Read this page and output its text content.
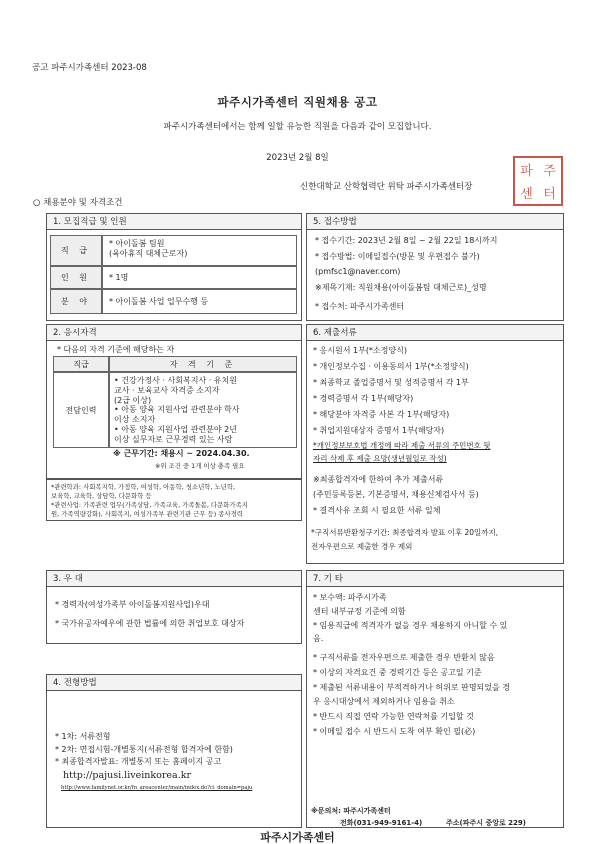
공고 파주시가족센터 2023-08
파주시가족센터 직원채용 공고
파주시가족센터에서는 함께 일할 유능한 직원을 다음과 같이 모집합니다.
2023년 2월 8일
신한대학교 산학협력단 위탁 파주시가족센터장
파 주
센 터
○ 채용분야 및 자격조건
1. 모집직급 및 인원
직 급
* 아이돌봄 팀원
(육아휴직 대체근로자)
인 원	* 1명
분 야	* 아이돌봄 사업 업무수행 등
5. 접수방법
* 접수기간: 2023년 2월 8일 ~ 2월 22일 18시까지
* 접수방법: 이메일접수(방문 및 우편접수 불가)
(pmfsc1@naver.com)
※제목기재: 직원채용(아이돌봄팀 대체근로)_성명
* 접수처: 파주시가족센터
2. 응시자격
* 다음의 자격 기준에 해당하는 자
직급	자 격 기 준
전담인력
• 건강가정사 · 사회복지사 · 유치원
교사 · 보육교사 자격증 소지자
(2급 이상)
• 아동 양육 지원사업 관련분야 학사
이상 소지자
• 아동 양육 지원사업 관련분야 2년
이상 실무자로 근무경력 있는 사람
※ 근무기간: 채용시 ~ 2024.04.30.
※위 조건 중 1개 이상 충족 필요
*관련학과: 사회복지학, 가정학, 여성학, 아동학, 청소년학, 노년학,
보육학, 교육학, 상담학, 다문화학 등
*관련사업: 가족관련 업무(가족상담, 가족교육, 가족돌봄, 다문화가족지
원, 가족역량강화), 사회복지, 여성가족부 관련기관 근무 등) 종사경력
6. 제출서류
* 응시원서 1부(*소정양식)
* 개인정보수집 · 이용동의서 1부(*소정양식)
* 최종학교 졸업증명서 및 성적증명서 각 1부
* 경력증명서 각 1부(해당자)
* 해당분야 자격증 사본 각 1부(해당자)
* 취업지원대상자 증명서 1부(해당자)
*개인정보보호법 개정에 따라 제출 서류의 주민번호 뒷
자리 삭제 후 제출 요망(생년월일로 작성)
※최종합격자에 한하여 추가 제출서류
(주민등록등본, 기본증명서, 채용신체검사서 등)
* 결격사유 조회 시 필요한 서류 일체
*구직서류반환청구기간: 최종합격자 발표 이후 20일까지,
전자우편으로 제출한 경우 제외
3. 우 대
* 경력자(여성가족부 아이돌봄지원사업)우대
* 국가유공자예우에 관한 법률에 의한 취업보호 대상자
7. 기 타
* 보수액: 파주시가족
센터 내부규정 기준에 의함
* 임용직급에 적격자가 없을 경우 채용하지 아니할 수 있
음.
* 구직서류를 전자우편으로 제출한 경우 반환치 않음
* 이상의 자격요건 중 경력기간 등은 공고일 기준
* 제출된 서류내용이 부적격하거나 허위로 판명되었을 경
우 응시대상에서 제외하거나 임용을 취소
* 반드시 직접 연락 가능한 연락처를 기입할 것
* 이메일 접수 시 반드시 도착 여부 확인 필(必)
※문의처: 파주시가족센터
전화(031-949-9161-4)	주소(파주시 중앙로 229)
4. 전형방법
* 1차: 서류전형
* 2차: 면접시험-개별통지(서류전형 합격자에 한함)
* 최종합격자발표: 개별통지 또는 홈페이지 공고
http://pajusi.liveinkorea.kr
http://www.familynet.or.kr/fn_areacenter/main/index.do?ci_domain=paju
파주시가족센터
